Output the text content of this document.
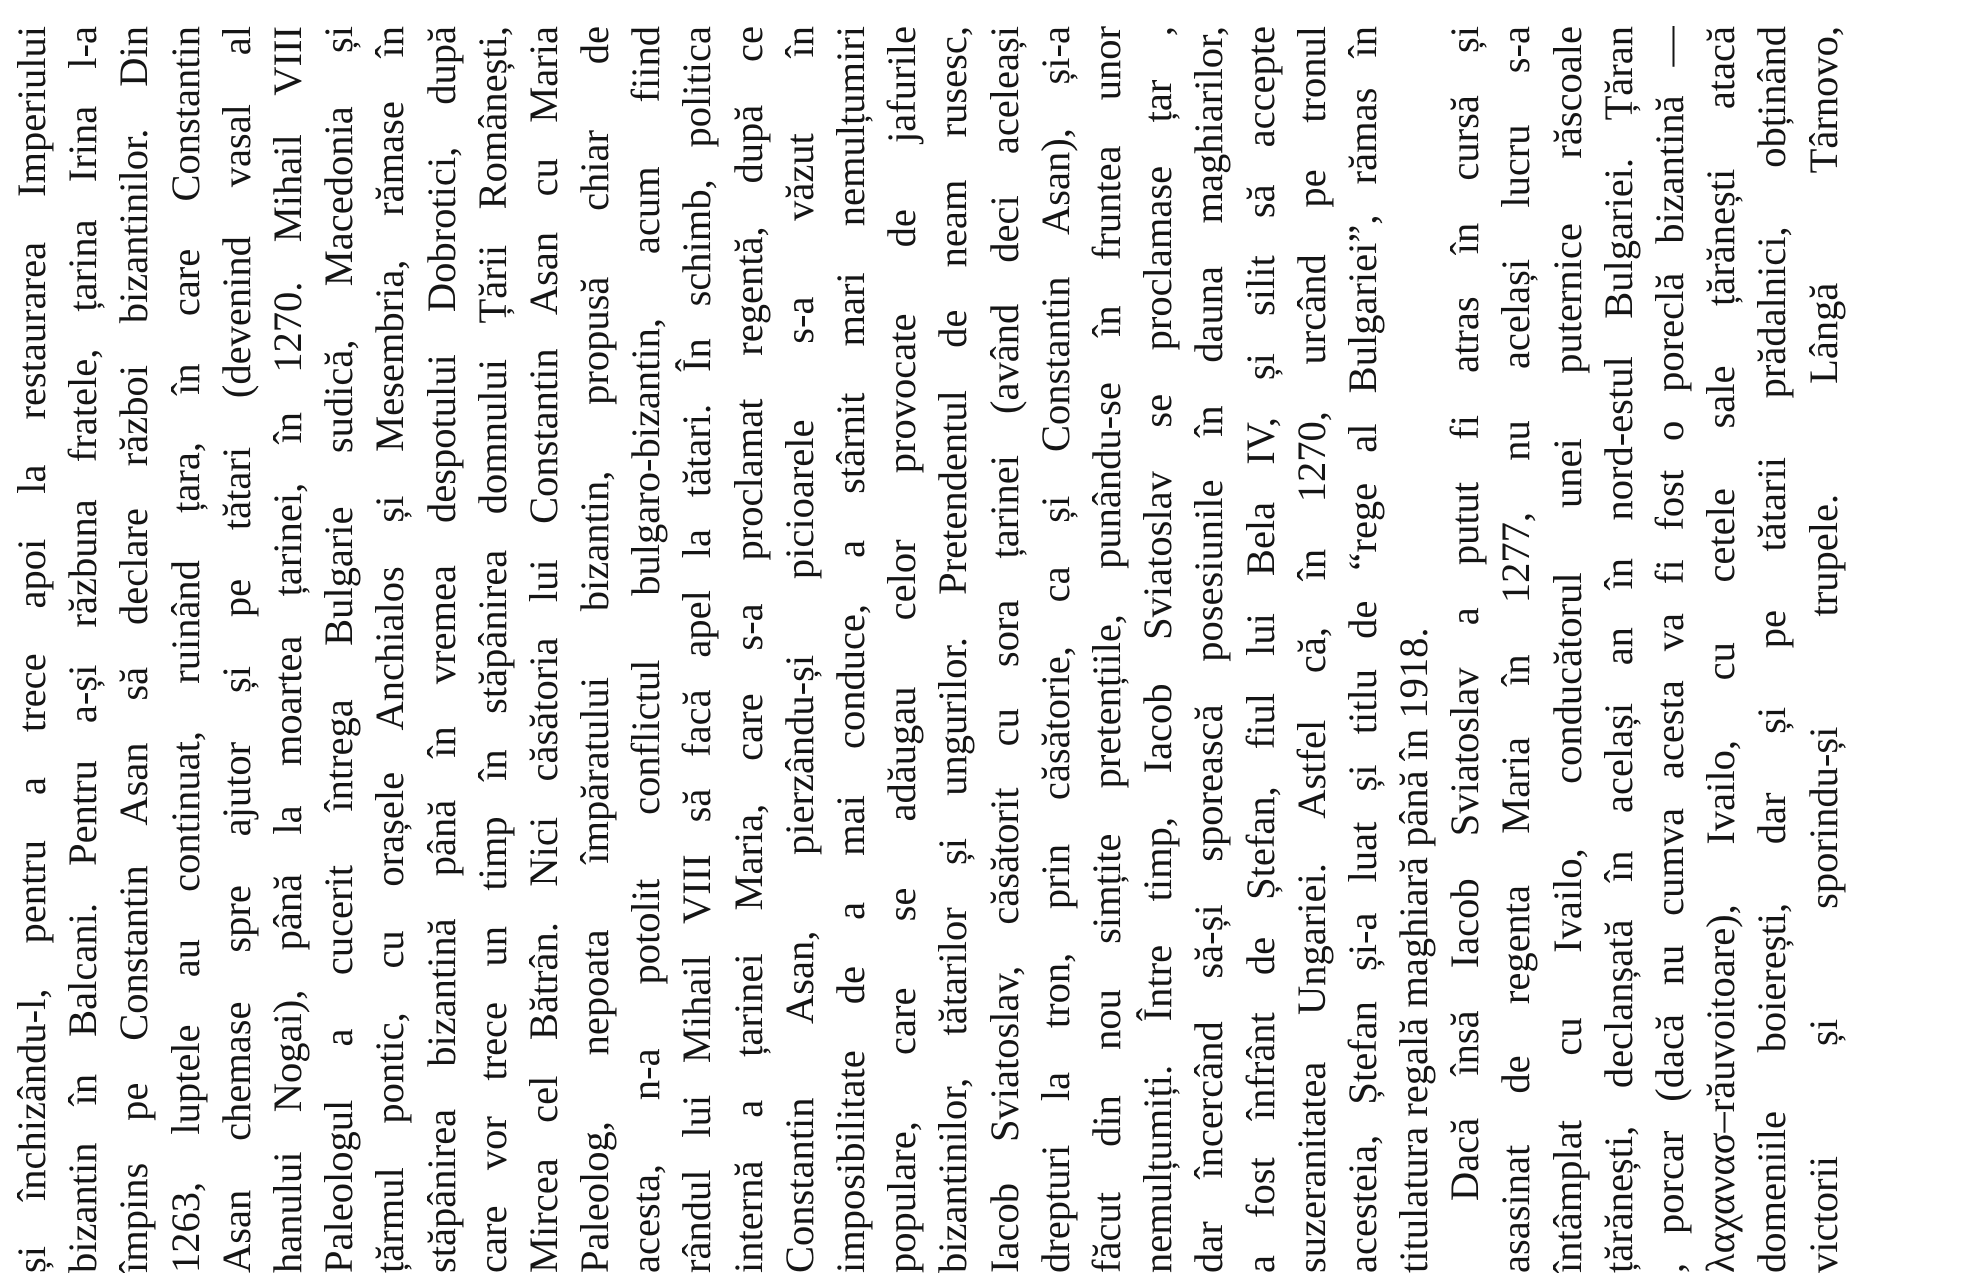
și închizându-l, pentru a trece apoi la restaurarea Imperiului bizantin în Balcani. Pentru a-și răzbuna fratele, țarina Irina l-a împins pe Constantin Asan să declare război bizantinilor. Din 1263, luptele au continuat, ruinând țara, în care Constantin Asan chemase spre ajutor și pe tătari (devenind vasal al hanului Nogai), până la moartea țarinei, în 1270. Mihail VIII Paleologul a cucerit întrega Bulgarie sudică, Macedonia și țărmul pontic, cu orașele Anchialos și Mesembria, rămase în stăpânirea bizantină până în vremea despotului Dobrotici, după care vor trece un timp în stăpânirea domnului Țării Românești, Mircea cel Bătrân. Nici căsătoria lui Constantin Asan cu Maria Paleolog, nepoata împăratului bizantin, propusă chiar de acesta, n-a potolit conflictul bulgaro-bizantin, acum fiind rândul lui Mihail VIII să facă apel la tătari. În schimb, politica internă a țarinei Maria, care s-a proclamat regentă, după ce Constantin Asan, pierzându-și picioarele s-a văzut în imposibilitate de a mai conduce, a stârnit mari nemulțumiri populare, care se adăugau celor provocate de jafurile bizantinilor, tătarilor și ungurilor. Pretendentul de neam rusesc, Iacob Sviatoslav, căsătorit cu sora țarinei (având deci aceleași drepturi la tron, prin căsătorie, ca și Constantin Asan), și-a făcut din nou simțite pretențiile, punându-se în fruntea unor nemulțumiți. Între timp, Iacob Sviatoslav se proclamase țar , dar încercând să-și sporească posesiunile în dauna maghiarilor, a fost înfrânt de Ștefan, fiul lui Bela IV, și silit să accepte suzeranitatea Ungariei. Astfel că, în 1270, urcând pe tronul acesteia, Ștefan și-a luat și titlu de “rege al Bulgariei”, rămas în titulatura regală maghiară până în 1918. Dacă însă Iacob Sviatoslav a putut fi atras în cursă și asasinat de regenta Maria în 1277, nu același lucru s-a întâmplat cu Ivailo, conducătorul unei puternice răscoale țărănești, declanșată în același an în nord-estul Bulgariei. Țăran , porcar (dacă nu cumva acesta va fi fost o poreclă bizantină — λαχανασ–răuvoitoare), Ivailo, cu cetele sale țărănești atacă domeniile boierești, dar și pe tătarii prădalnici, obținând victorii și sporindu-și trupele. Lângă Târnovo,
